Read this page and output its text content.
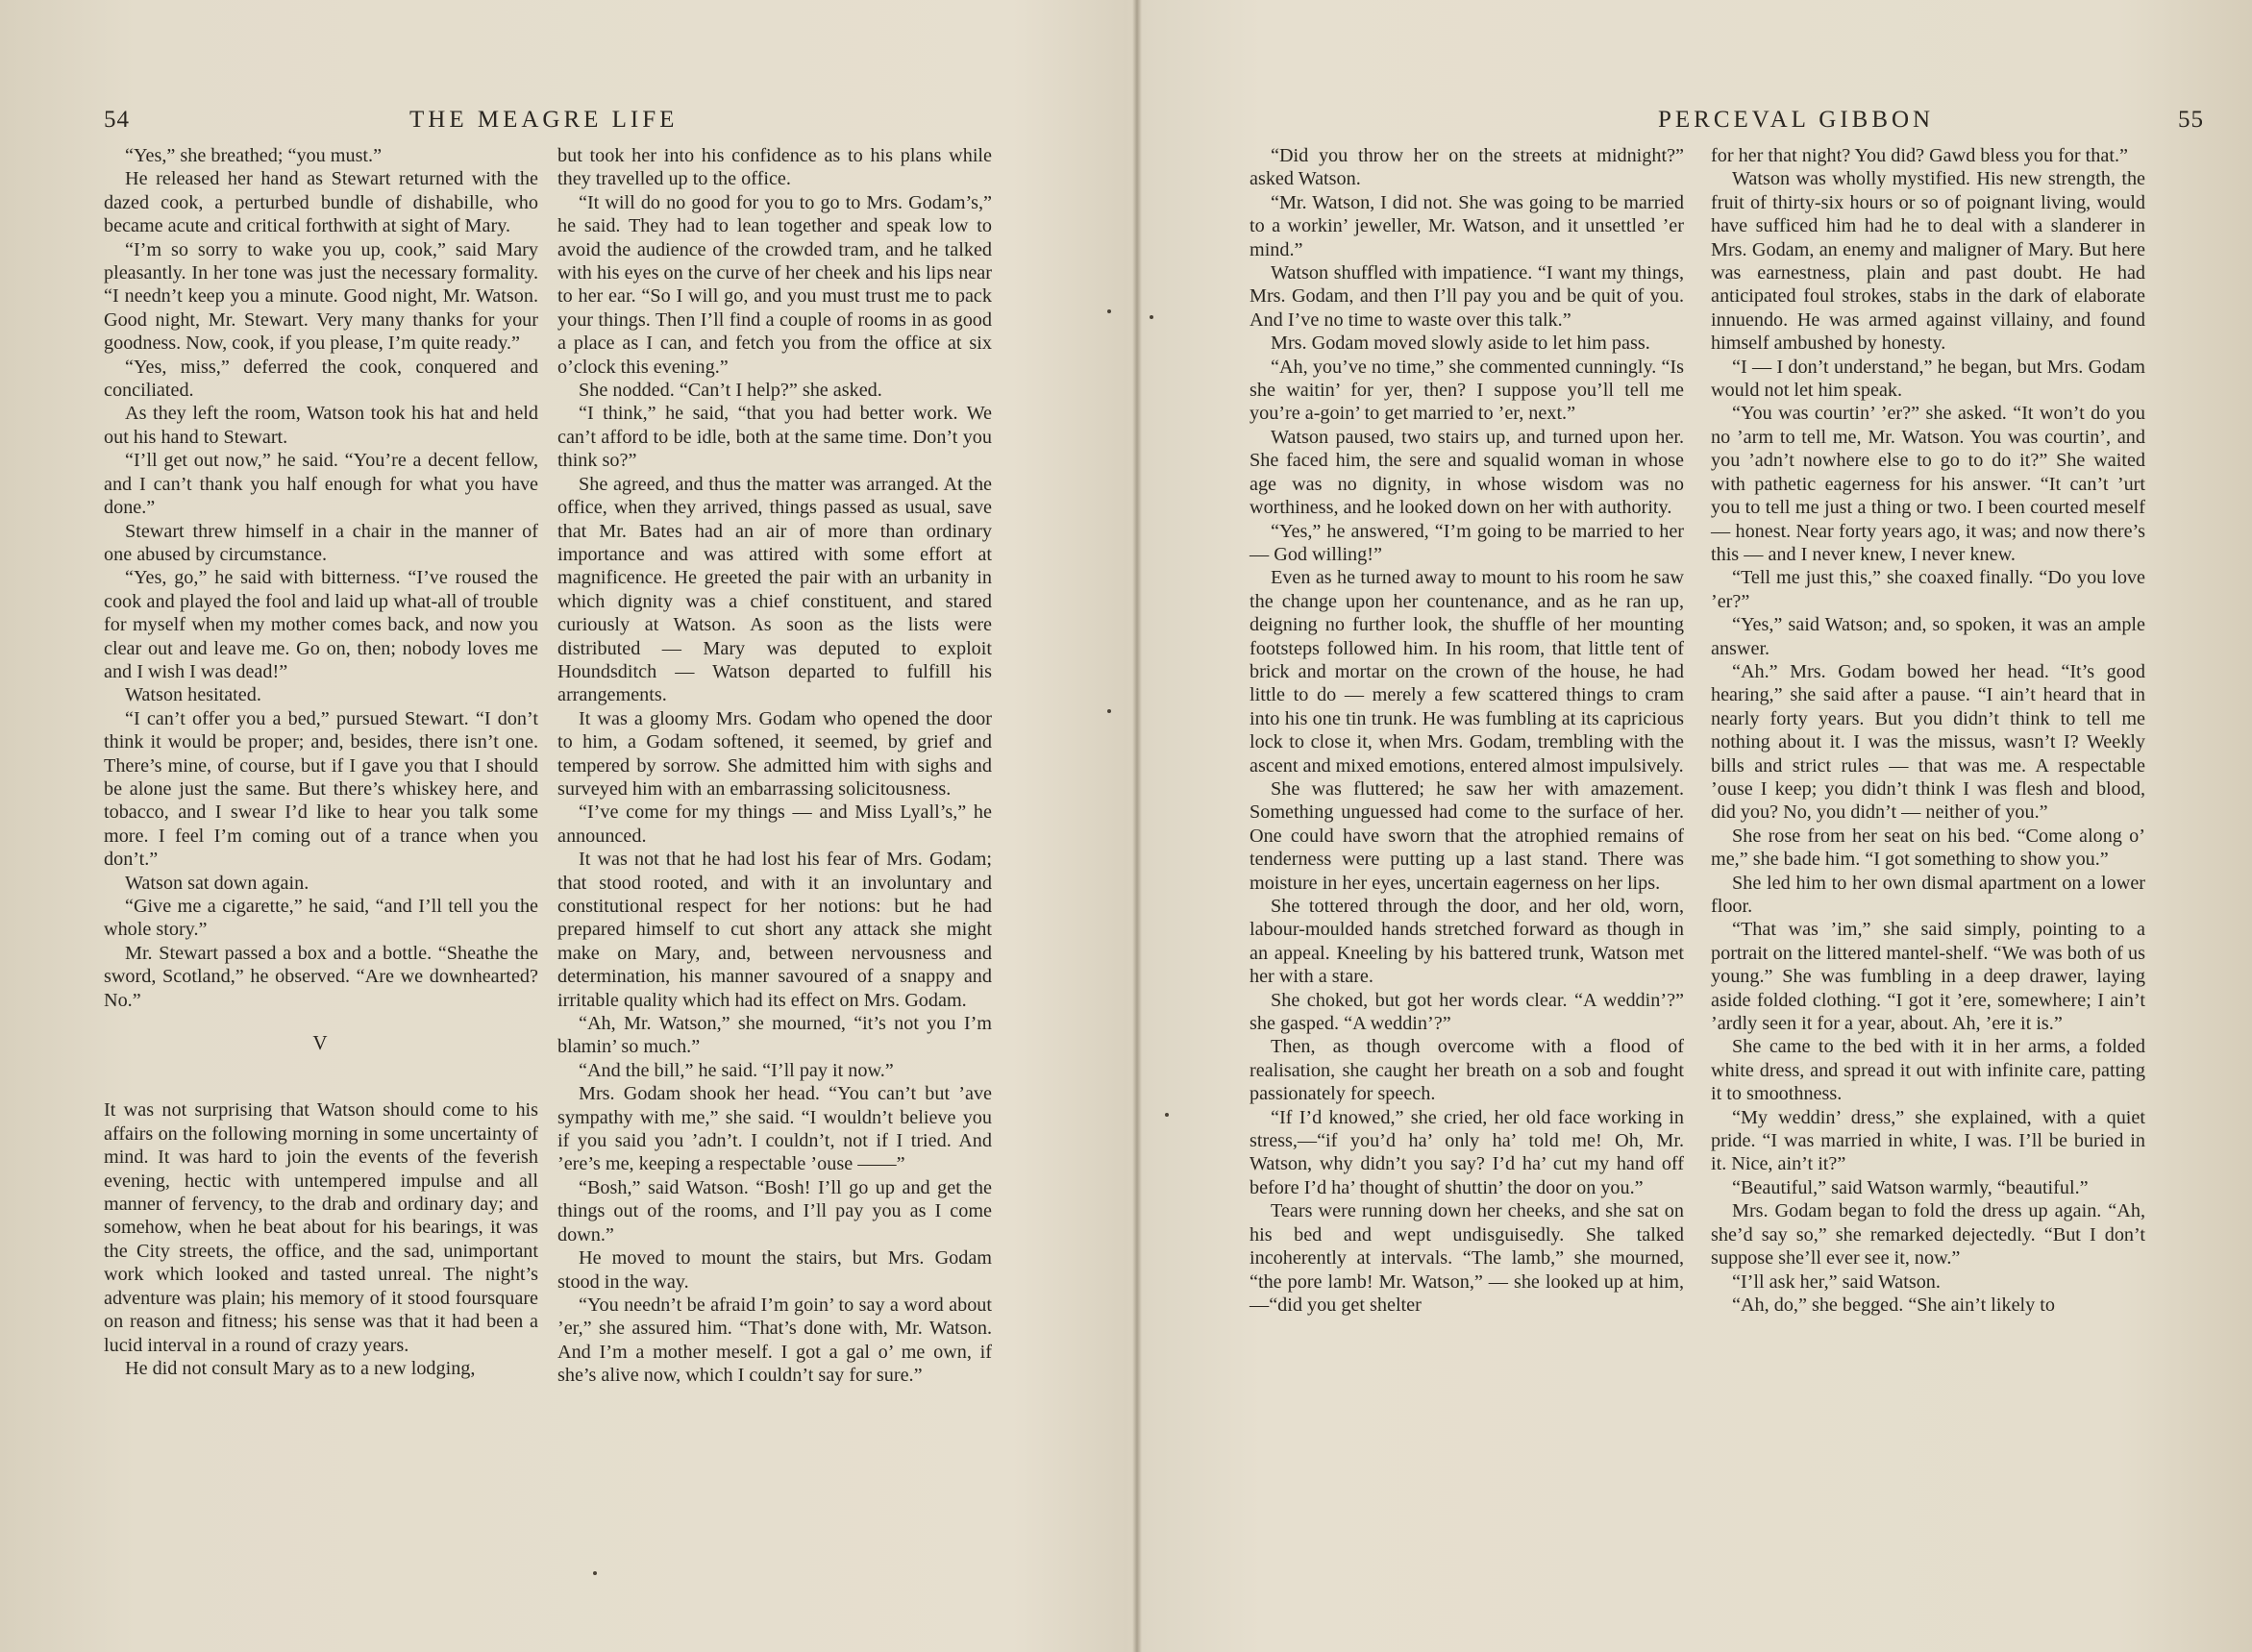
54	THE MEAGRE LIFE

“Yes,” she breathed; “you must.”

He released her hand as Stewart returned with the dazed cook, a perturbed bundle of dishabille, who became acute and critical forthwith at sight of Mary.

“I’m so sorry to wake you up, cook,” said Mary pleasantly. In her tone was just the necessary formality. “I needn’t keep you a minute. Good night, Mr. Watson. Good night, Mr. Stewart. Very many thanks for your goodness. Now, cook, if you please, I’m quite ready.”

“Yes, miss,” deferred the cook, conquered and conciliated.

As they left the room, Watson took his hat and held out his hand to Stewart.

“I’ll get out now,” he said. “You’re a decent fellow, and I can’t thank you half enough for what you have done.”

Stewart threw himself in a chair in the manner of one abused by circumstance.

“Yes, go,” he said with bitterness. “I’ve roused the cook and played the fool and laid up what-all of trouble for myself when my mother comes back, and now you clear out and leave me. Go on, then; nobody loves me and I wish I was dead!”

Watson hesitated.

“I can’t offer you a bed,” pursued Stewart. “I don’t think it would be proper; and, besides, there isn’t one. There’s mine, of course, but if I gave you that I should be alone just the same. But there’s whiskey here, and tobacco, and I swear I’d like to hear you talk some more. I feel I’m coming out of a trance when you don’t.”

Watson sat down again.

“Give me a cigarette,” he said, “and I’ll tell you the whole story.”

Mr. Stewart passed a box and a bottle. “Sheathe the sword, Scotland,” he observed. “Are we downhearted? No.”

V

It was not surprising that Watson should come to his affairs on the following morning in some uncertainty of mind. It was hard to join the events of the feverish evening, hectic with untempered impulse and all manner of fervency, to the drab and ordinary day; and somehow, when he beat about for his bearings, it was the City streets, the office, and the sad, unimportant work which looked and tasted unreal. The night’s adventure was plain; his memory of it stood foursquare on reason and fitness; his sense was that it had been a lucid interval in a round of crazy years.

He did not consult Mary as to a new lodging,

but took her into his confidence as to his plans while they travelled up to the office.

“It will do no good for you to go to Mrs. Godam’s,” he said. They had to lean together and speak low to avoid the audience of the crowded tram, and he talked with his eyes on the curve of her cheek and his lips near to her ear. “So I will go, and you must trust me to pack your things. Then I’ll find a couple of rooms in as good a place as I can, and fetch you from the office at six o’clock this evening.”

She nodded. “Can’t I help?” she asked.

“I think,” he said, “that you had better work. We can’t afford to be idle, both at the same time. Don’t you think so?”

She agreed, and thus the matter was arranged. At the office, when they arrived, things passed as usual, save that Mr. Bates had an air of more than ordinary importance and was attired with some effort at magnificence. He greeted the pair with an urbanity in which dignity was a chief constituent, and stared curiously at Watson. As soon as the lists were distributed — Mary was deputed to exploit Houndsditch — Watson departed to fulfill his arrangements.

It was a gloomy Mrs. Godam who opened the door to him, a Godam softened, it seemed, by grief and tempered by sorrow. She admitted him with sighs and surveyed him with an embarrassing solicitousness.

“I’ve come for my things — and Miss Lyall’s,” he announced.

It was not that he had lost his fear of Mrs. Godam; that stood rooted, and with it an involuntary and constitutional respect for her notions: but he had prepared himself to cut short any attack she might make on Mary, and, between nervousness and determination, his manner savoured of a snappy and irritable quality which had its effect on Mrs. Godam.

“Ah, Mr. Watson,” she mourned, “it’s not you I’m blamin’ so much.”

“And the bill,” he said. “I’ll pay it now.”

Mrs. Godam shook her head. “You can’t but ’ave sympathy with me,” she said. “I wouldn’t believe you if you said you ’adn’t. I couldn’t, not if I tried. And ’ere’s me, keeping a respectable ’ouse ——”

“Bosh,” said Watson. “Bosh! I’ll go up and get the things out of the rooms, and I’ll pay you as I come down.”

He moved to mount the stairs, but Mrs. Godam stood in the way.

“You needn’t be afraid I’m goin’ to say a word about ’er,” she assured him. “That’s done with, Mr. Watson. And I’m a mother meself. I got a gal o’ me own, if she’s alive now, which I couldn’t say for sure.”

PERCEVAL GIBBON	55

“Did you throw her on the streets at midnight?” asked Watson.

“Mr. Watson, I did not. She was going to be married to a workin’ jeweller, Mr. Watson, and it unsettled ’er mind.”

Watson shuffled with impatience. “I want my things, Mrs. Godam, and then I’ll pay you and be quit of you. And I’ve no time to waste over this talk.”

Mrs. Godam moved slowly aside to let him pass.

“Ah, you’ve no time,” she commented cunningly. “Is she waitin’ for yer, then? I suppose you’ll tell me you’re a-goin’ to get married to ’er, next.”

Watson paused, two stairs up, and turned upon her. She faced him, the sere and squalid woman in whose age was no dignity, in whose wisdom was no worthiness, and he looked down on her with authority.

“Yes,” he answered, “I’m going to be married to her — God willing!”

Even as he turned away to mount to his room he saw the change upon her countenance, and as he ran up, deigning no further look, the shuffle of her mounting footsteps followed him. In his room, that little tent of brick and mortar on the crown of the house, he had little to do — merely a few scattered things to cram into his one tin trunk. He was fumbling at its capricious lock to close it, when Mrs. Godam, trembling with the ascent and mixed emotions, entered almost impulsively.

She was fluttered; he saw her with amazement. Something unguessed had come to the surface of her. One could have sworn that the atrophied remains of tenderness were putting up a last stand. There was moisture in her eyes, uncertain eagerness on her lips.

She tottered through the door, and her old, worn, labour-moulded hands stretched forward as though in an appeal. Kneeling by his battered trunk, Watson met her with a stare.

She choked, but got her words clear. “A weddin’?” she gasped. “A weddin’?”

Then, as though overcome with a flood of realisation, she caught her breath on a sob and fought passionately for speech.

“If I’d knowed,” she cried, her old face working in stress,—“if you’d ha’ only ha’ told me! Oh, Mr. Watson, why didn’t you say? I’d ha’ cut my hand off before I’d ha’ thought of shuttin’ the door on you.”

Tears were running down her cheeks, and she sat on his bed and wept undisguisedly. She talked incoherently at intervals. “The lamb,” she mourned, “the pore lamb! Mr. Watson,” — she looked up at him,—“did you get shelter

for her that night? You did? Gawd bless you for that.”

Watson was wholly mystified. His new strength, the fruit of thirty-six hours or so of poignant living, would have sufficed him had he to deal with a slanderer in Mrs. Godam, an enemy and maligner of Mary. But here was earnestness, plain and past doubt. He had anticipated foul strokes, stabs in the dark of elaborate innuendo. He was armed against villainy, and found himself ambushed by honesty.

“I — I don’t understand,” he began, but Mrs. Godam would not let him speak.

“You was courtin’ ’er?” she asked. “It won’t do you no ’arm to tell me, Mr. Watson. You was courtin’, and you ’adn’t nowhere else to go to do it?” She waited with pathetic eagerness for his answer. “It can’t ’urt you to tell me just a thing or two. I been courted meself — honest. Near forty years ago, it was; and now there’s this — and I never knew, I never knew.

“Tell me just this,” she coaxed finally. “Do you love ’er?”

“Yes,” said Watson; and, so spoken, it was an ample answer.

“Ah.” Mrs. Godam bowed her head. “It’s good hearing,” she said after a pause. “I ain’t heard that in nearly forty years. But you didn’t think to tell me nothing about it. I was the missus, wasn’t I? Weekly bills and strict rules — that was me. A respectable ’ouse I keep; you didn’t think I was flesh and blood, did you? No, you didn’t — neither of you.”

She rose from her seat on his bed. “Come along o’ me,” she bade him. “I got something to show you.”

She led him to her own dismal apartment on a lower floor.

“That was ’im,” she said simply, pointing to a portrait on the littered mantel-shelf. “We was both of us young.” She was fumbling in a deep drawer, laying aside folded clothing. “I got it ’ere, somewhere; I ain’t ’ardly seen it for a year, about. Ah, ’ere it is.”

She came to the bed with it in her arms, a folded white dress, and spread it out with infinite care, patting it to smoothness.

“My weddin’ dress,” she explained, with a quiet pride. “I was married in white, I was. I’ll be buried in it. Nice, ain’t it?”

“Beautiful,” said Watson warmly, “beautiful.”

Mrs. Godam began to fold the dress up again. “Ah, she’d say so,” she remarked dejectedly. “But I don’t suppose she’ll ever see it, now.”

“I’ll ask her,” said Watson.

“Ah, do,” she begged. “She ain’t likely to
